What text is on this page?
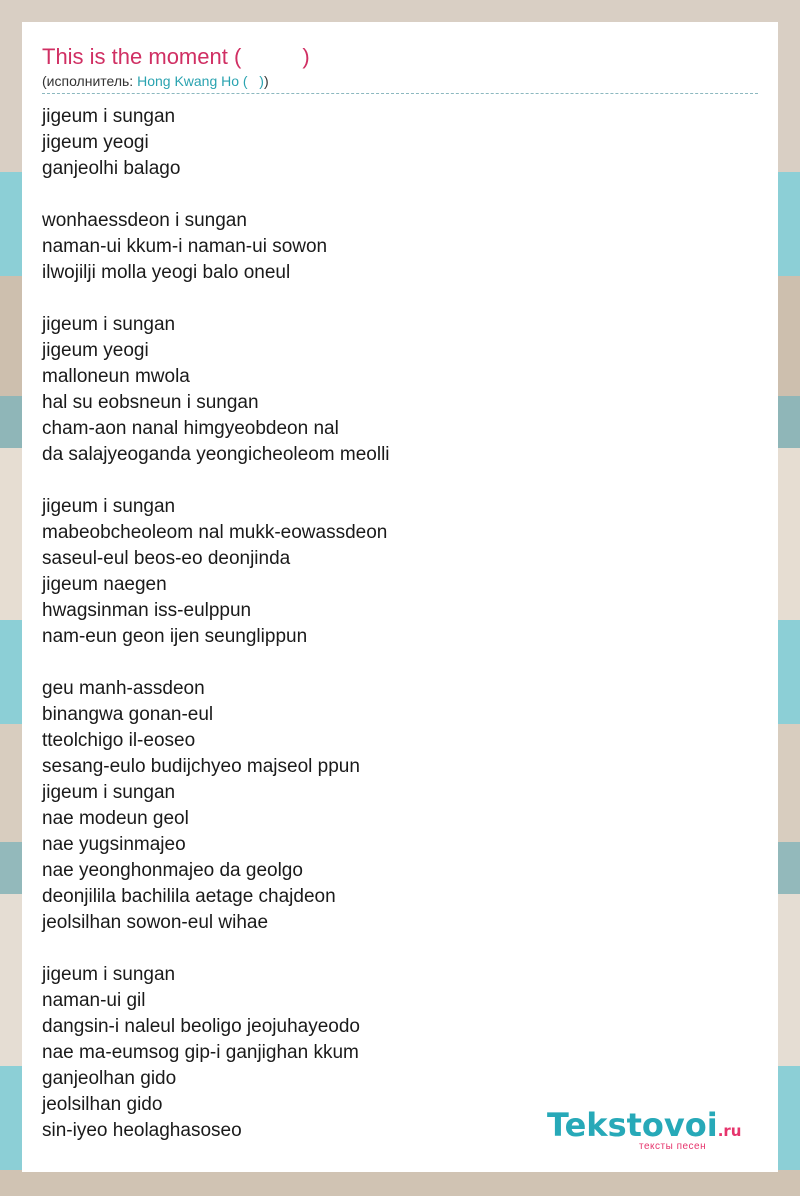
This is the moment (          )
(исполнитель: Hong Kwang Ho (   ))
jigeum i sungan
jigeum yeogi
ganjeolhi balago
wonhaessdeon i sungan
naman-ui kkum-i naman-ui sowon
ilwojilji molla yeogi balo oneul
jigeum i sungan
jigeum yeogi
malloneun mwola
hal su eobsneun i sungan
cham-aon nanal himgyeobdeon nal
da salajyeoganda yeongicheoleom meolli
jigeum i sungan
mabeobcheoleom nal mukk-eowassdeon
saseul-eul beos-eo deonjinda
jigeum naegen
hwagsinman iss-eulppun
nam-eun geon ijen seunglippun
geu manh-assdeon
binangwa gonan-eul
tteolchigo il-eoseo
sesang-eulo budijchyeo majseol ppun
jigeum i sungan
nae modeun geol
nae yugsinmajeo
nae yeonghonmajeo da geolgo
deonjilila bachilila aetage chajdeon
jeolsilhan sowon-eul wihae
jigeum i sungan
naman-ui gil
dangsin-i naleul beoligo jeojuhayeodo
nae ma-eumsog gip-i ganjighan kkum
ganjeolhan gido
jeolsilhan gido
sin-iyeo heolaghasoseo	Tekstovoi.ru
тексты песен
